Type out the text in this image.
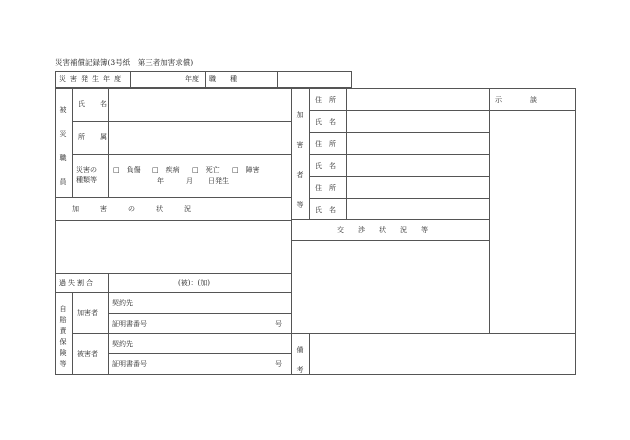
災害補償記録簿(3号紙　第三者加害求償)
災害発生年度	年度 職　　種
被
災
職
員
氏　名
所　属
災害の
種類等
□　負傷 □　疾病 □　死亡 □　障害
年	月 日発生
加　　　害　　　の　　　状　　　況
過失割合	(被)：(加)
自
賠
責
保
険
等
加害者
被害者
契約先
証明書番号	号
契約先
証明書番号	号
加
害
者
等
住　所
氏　名
住　所
氏　名
住　所
氏　名
交　　渉　　状　　況　　等
示　　　　談
備
考
